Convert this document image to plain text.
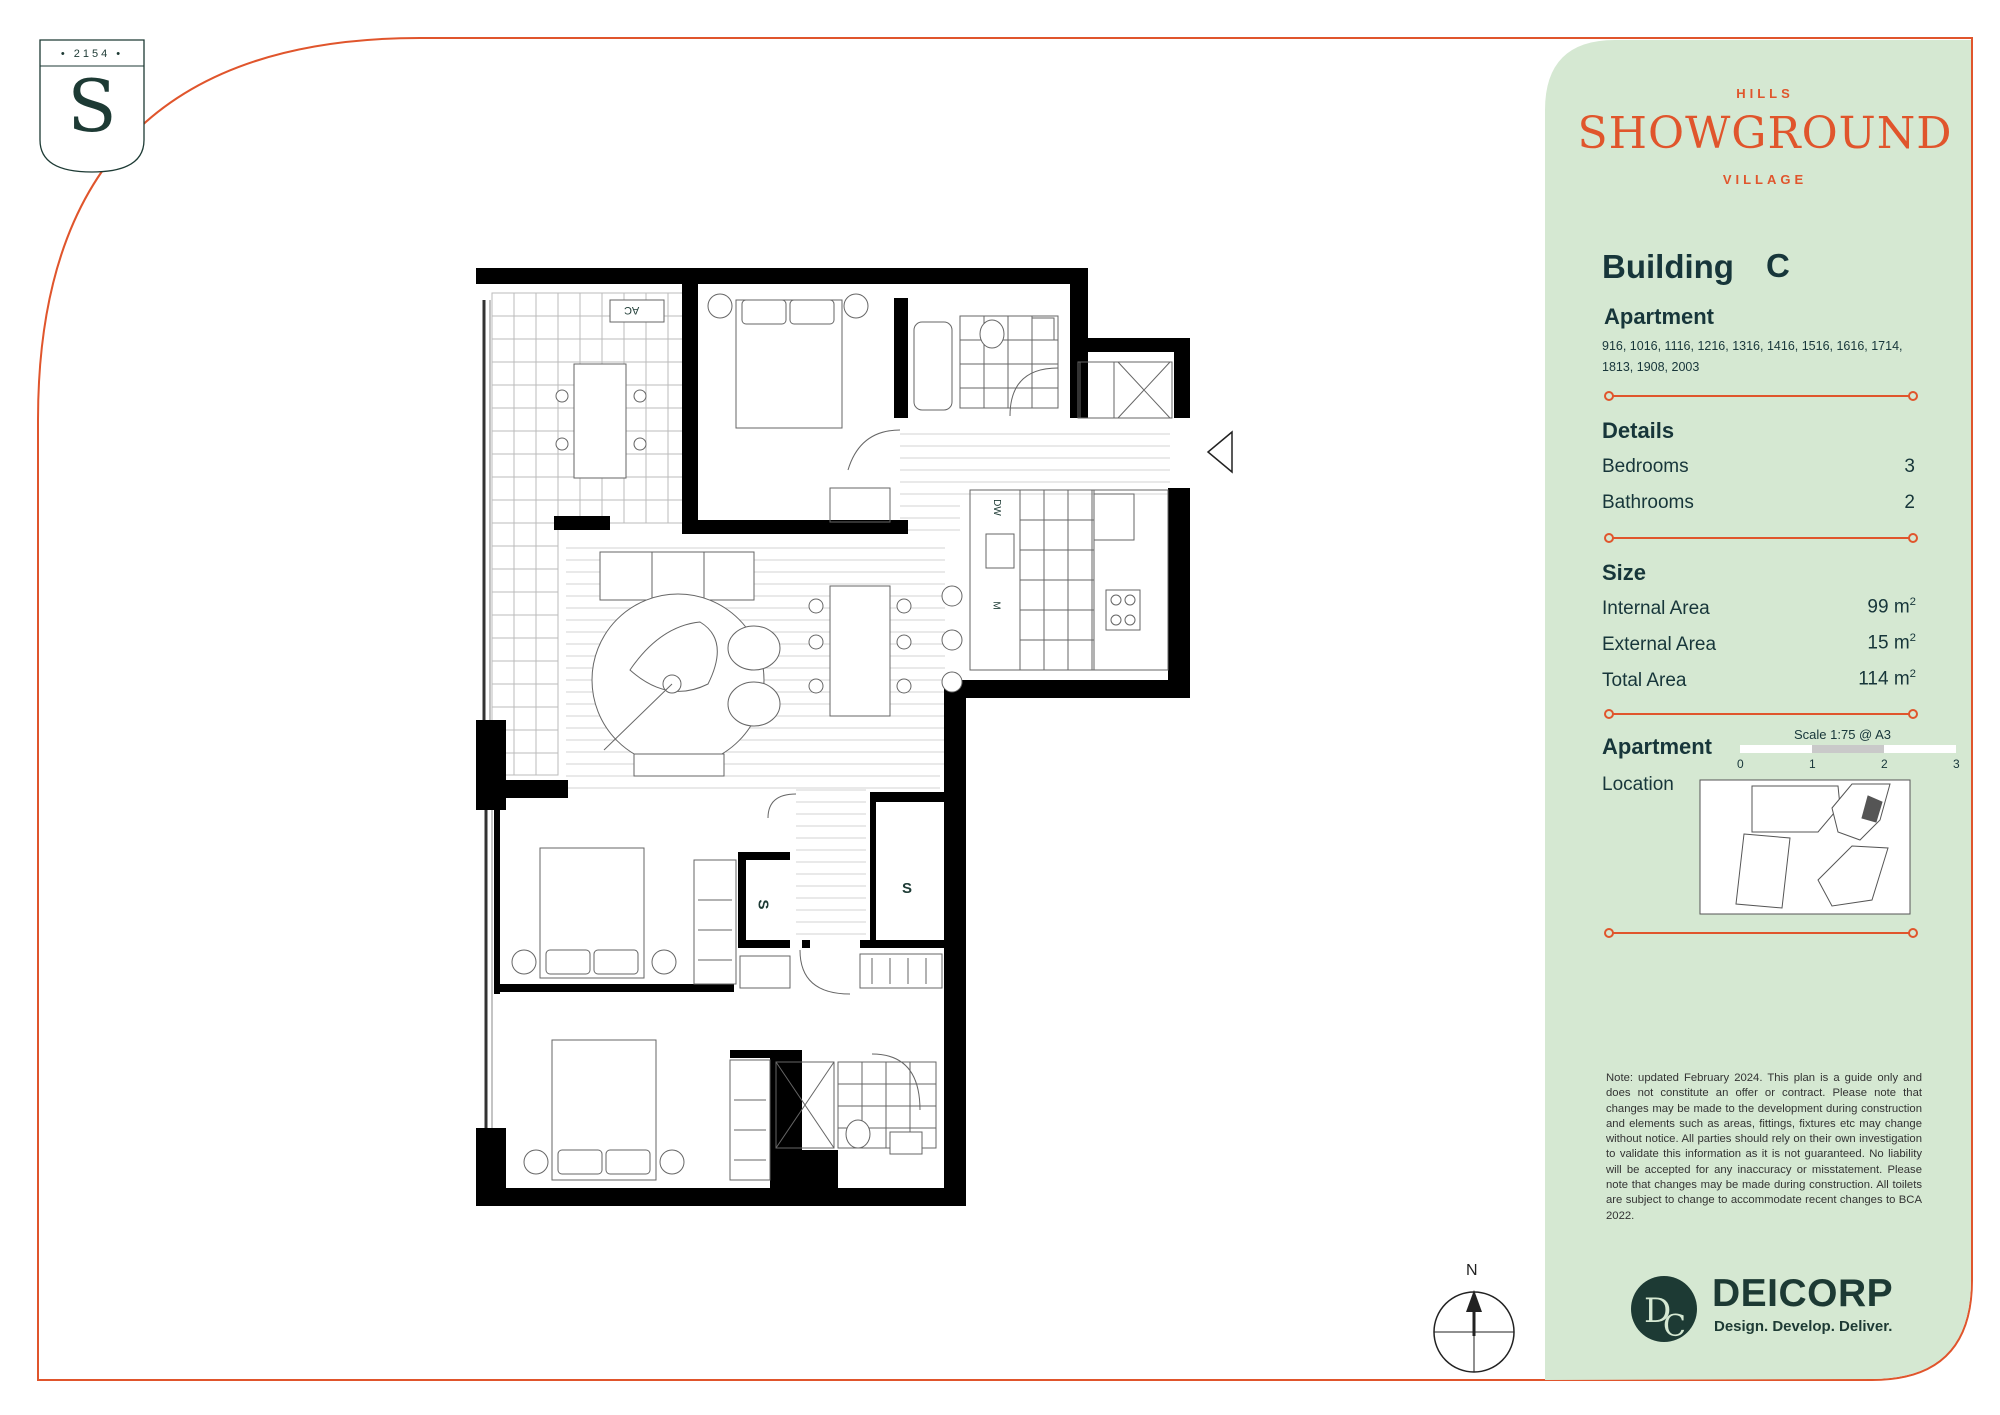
D
C
DW
AC
M
S
S
• 2154 •
S	HILLS
SHOWGROUND
VILLAGE
Building C
Apartment
916, 1016, 1116, 1216, 1316, 1416, 1516, 1616, 1714, 1813, 1908, 2003
Details
Bedrooms	3
Bathrooms	2
Size
Internal Area	99 $m^2$
External Area	15 $m^2$
Total Area	114 $m^2$
Apartment
Location
Scale 1:75 @ A3
0	1	2	3
Note: updated February 2024. This plan is a guide only and does not constitute an offer or contract. Please note that changes may be made to the development during construction and elements such as areas, fittings, fixtures etc may change without notice. All parties should rely on their own investigation to validate this information as it is not guaranteed. No liability will be accepted for any inaccuracy or misstatement. Please note that changes may be made during construction. All toilets are subject to change to accommodate recent changes to BCA 2022.
DEICORP
Design. Develop. Deliver.
N
